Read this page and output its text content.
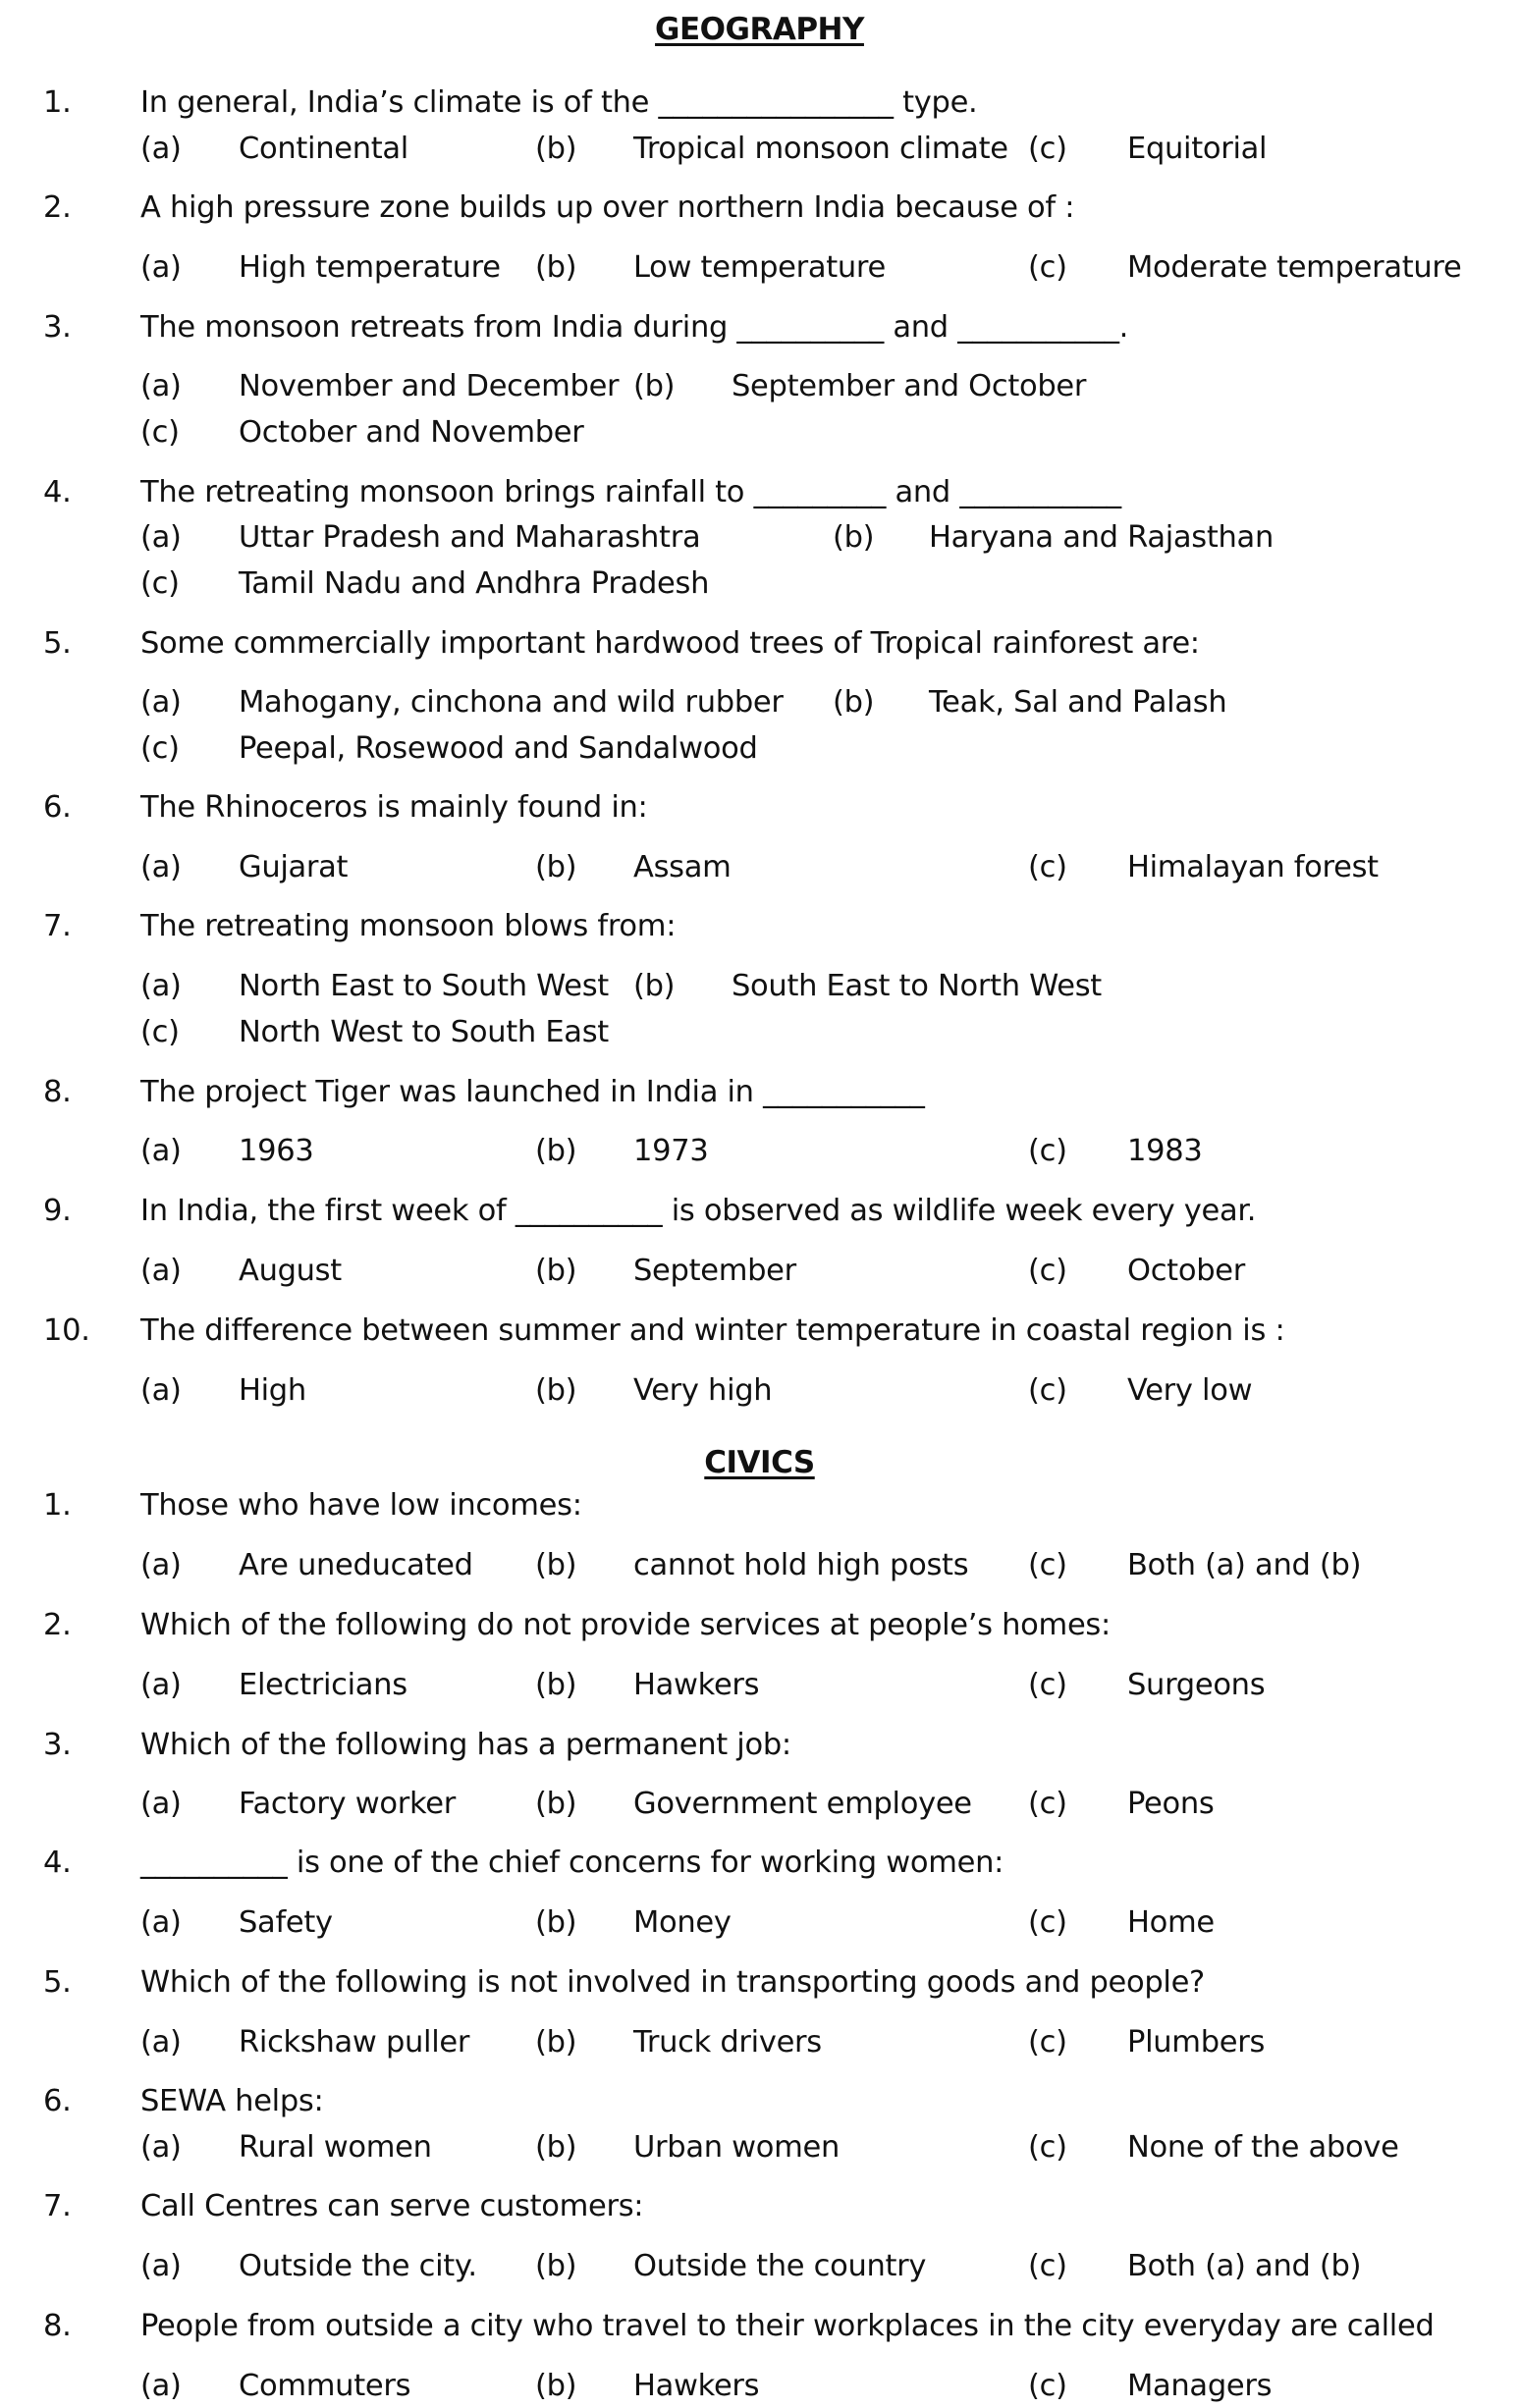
GEOGRAPHY
1. In general, India’s climate is of the ________________ type.
(a) Continental	(b) Tropical monsoon climate (c) Equitorial
2. A high pressure zone builds up over northern India because of :
(a) High temperature (b) Low temperature	(c) Moderate temperature
3. The monsoon retreats from India during __________ and ___________.
(a) November and December (b) September and October
(c) October and November
4. The retreating monsoon brings rainfall to _________ and ___________
(a) Uttar Pradesh and Maharashtra	(b) Haryana and Rajasthan
(c) Tamil Nadu and Andhra Pradesh
5. Some commercially important hardwood trees of Tropical rainforest are:
(a) Mahogany, cinchona and wild rubber (b) Teak, Sal and Palash
(c) Peepal, Rosewood and Sandalwood
6. The Rhinoceros is mainly found in:
(a) Gujarat	(b) Assam	(c) Himalayan forest
7. The retreating monsoon blows from:
(a) North East to South West (b) South East to North West
(c) North West to South East
8. The project Tiger was launched in India in ___________
(a) 1963	(b) 1973	(c) 1983
9. In India, the first week of __________ is observed as wildlife week every year.
(a) August	(b) September	(c) October
10. The difference between summer and winter temperature in coastal region is :
(a) High	(b) Very high	(c) Very low
CIVICS
1. Those who have low incomes:
(a) Are uneducated (b) cannot hold high posts (c) Both (a) and (b)
2. Which of the following do not provide services at people’s homes:
(a) Electricians	(b) Hawkers	(c) Surgeons
3. Which of the following has a permanent job:
(a) Factory worker	(b) Government employee (c) Peons
4. __________ is one of the chief concerns for working women:
(a) Safety	(b) Money	(c) Home
5. Which of the following is not involved in transporting goods and people?
(a) Rickshaw puller (b) Truck drivers	(c) Plumbers
6. SEWA helps:
(a) Rural women	(b) Urban women	(c) None of the above
7. Call Centres can serve customers:
(a) Outside the city. (b) Outside the country	(c) Both (a) and (b)
8. People from outside a city who travel to their workplaces in the city everyday are called
(a) Commuters	(b) Hawkers	(c) Managers
